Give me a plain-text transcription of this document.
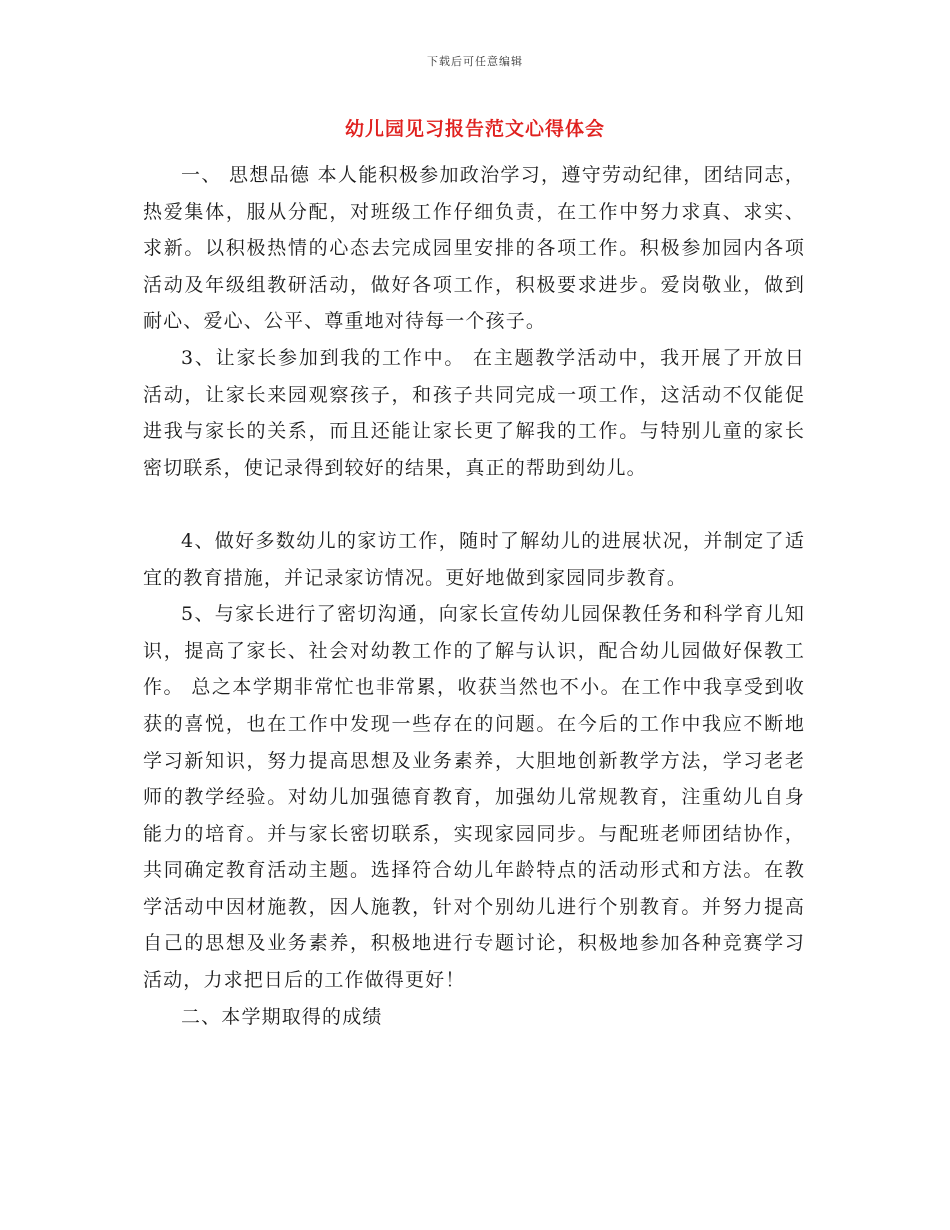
下载后可任意编辑
幼儿园见习报告范文心得体会

一、 思想品德 本人能积极参加政治学习，遵守劳动纪律，团结同志，热爱集体，服从分配，对班级工作仔细负责，在工作中努力求真、求实、求新。以积极热情的心态去完成园里安排的各项工作。积极参加园内各项活动及年级组教研活动，做好各项工作，积极要求进步。爱岗敬业，做到耐心、爱心、公平、尊重地对待每一个孩子。

3、让家长参加到我的工作中。 在主题教学活动中，我开展了开放日活动，让家长来园观察孩子，和孩子共同完成一项工作，这活动不仅能促进我与家长的关系，而且还能让家长更了解我的工作。与特别儿童的家长密切联系，使记录得到较好的结果，真正的帮助到幼儿。

4、做好多数幼儿的家访工作，随时了解幼儿的进展状况，并制定了适宜的教育措施，并记录家访情况。更好地做到家园同步教育。

5、与家长进行了密切沟通，向家长宣传幼儿园保教任务和科学育儿知识，提高了家长、社会对幼教工作的了解与认识，配合幼儿园做好保教工作。 总之本学期非常忙也非常累，收获当然也不小。在工作中我享受到收获的喜悦，也在工作中发现一些存在的问题。在今后的工作中我应不断地学习新知识，努力提高思想及业务素养，大胆地创新教学方法，学习老老师的教学经验。对幼儿加强德育教育，加强幼儿常规教育，注重幼儿自身能力的培育。并与家长密切联系，实现家园同步。与配班老师团结协作，共同确定教育活动主题。选择符合幼儿年龄特点的活动形式和方法。在教学活动中因材施教，因人施教，针对个别幼儿进行个别教育。并努力提高自己的思想及业务素养，积极地进行专题讨论，积极地参加各种竞赛学习活动，力求把日后的工作做得更好！

二、本学期取得的成绩
